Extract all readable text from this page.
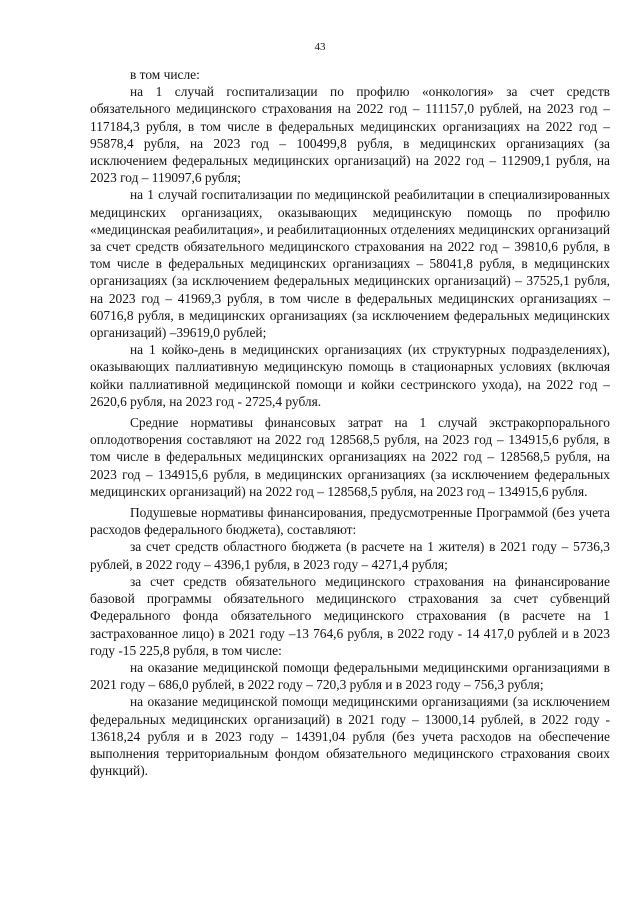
43

в том числе:

на 1 случай госпитализации по профилю «онкология» за счет средств обязательного медицинского страхования на 2022 год – 111157,0 рублей, на 2023 год – 117184,3 рубля, в том числе в федеральных медицинских организациях на 2022 год – 95878,4 рубля, на 2023 год – 100499,8 рубля, в медицинских организациях (за исключением федеральных медицинских организаций) на 2022 год – 112909,1 рубля, на 2023 год – 119097,6 рубля;

на 1 случай госпитализации по медицинской реабилитации в специализированных медицинских организациях, оказывающих медицинскую помощь по профилю «медицинская реабилитация», и реабилитационных отделениях медицинских организаций за счет средств обязательного медицинского страхования на 2022 год – 39810,6 рубля, в том числе в федеральных медицинских организациях – 58041,8 рубля, в медицинских организациях (за исключением федеральных медицинских организаций) – 37525,1 рубля, на 2023 год – 41969,3 рубля, в том числе в федеральных медицинских организациях – 60716,8 рубля, в медицинских организациях (за исключением федеральных медицинских организаций) –39619,0 рублей;

на 1 койко-день в медицинских организациях (их структурных подразделениях), оказывающих паллиативную медицинскую помощь в стационарных условиях (включая койки паллиативной медицинской помощи и койки сестринского ухода), на 2022 год – 2620,6 рубля, на 2023 год - 2725,4 рубля.

Средние нормативы финансовых затрат на 1 случай экстракорпорального оплодотворения составляют на 2022 год 128568,5 рубля, на 2023 год – 134915,6 рубля, в том числе в федеральных медицинских организациях на 2022 год – 128568,5 рубля, на 2023 год – 134915,6 рубля, в медицинских организациях (за исключением федеральных медицинских организаций) на 2022 год – 128568,5 рубля, на 2023 год – 134915,6 рубля.

Подушевые нормативы финансирования, предусмотренные Программой (без учета расходов федерального бюджета), составляют:

за счет средств областного бюджета (в расчете на 1 жителя) в 2021 году – 5736,3 рублей, в 2022 году – 4396,1 рубля, в 2023 году – 4271,4 рубля;

за счет средств обязательного медицинского страхования на финансирование базовой программы обязательного медицинского страхования за счет субвенций Федерального фонда обязательного медицинского страхования (в расчете на 1 застрахованное лицо) в 2021 году –13 764,6 рубля, в 2022 году - 14 417,0 рублей и в 2023 году -15 225,8 рубля, в том числе:

на оказание медицинской помощи федеральными медицинскими организациями в 2021 году – 686,0 рублей, в 2022 году – 720,3 рубля и в 2023 году – 756,3 рубля;

на оказание медицинской помощи медицинскими организациями (за исключением федеральных медицинских организаций) в 2021 году – 13000,14 рублей, в 2022 году - 13618,24 рубля и в 2023 году – 14391,04 рубля (без учета расходов на обеспечение выполнения территориальным фондом обязательного медицинского страхования своих функций).
